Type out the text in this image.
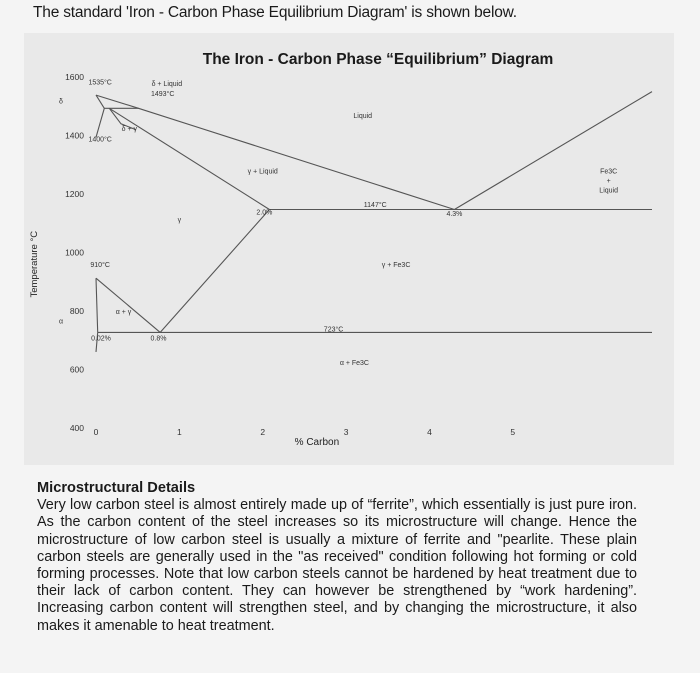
The standard 'Iron - Carbon Phase Equilibrium Diagram' is shown below.
The Iron - Carbon Phase “Equilibrium” Diagram
1600
1400
1200
1000
800
600
400 0	1	2	3	4	5
% Carbon
Temperature °C
1535°C
δ
δ + Liquid
1493°C
δ + γ
1400°C
Liquid
γ + Liquid
2.0%
1147°C
4.3%
Fe3C
+
Liquid
γ
910°C	γ + Fe3C
α + γ
α
723°C
0.02%	0.8%
α + Fe3C
Microstructural Details

Very low carbon steel is almost entirely made up of “ferrite”, which essentially is just pure iron. As the carbon content of the steel increases so its microstructure will change. Hence the microstructure of low carbon steel is usually a mixture of ferrite and "pearlite. These plain carbon steels are generally used in the "as received" condition following hot forming or cold forming processes. Note that low carbon steels cannot be hardened by heat treatment due to their lack of carbon content. They can however be strengthened by “work hardening”. Increasing carbon content will strengthen steel, and by changing the microstructure, it also makes it amenable to heat treatment.
